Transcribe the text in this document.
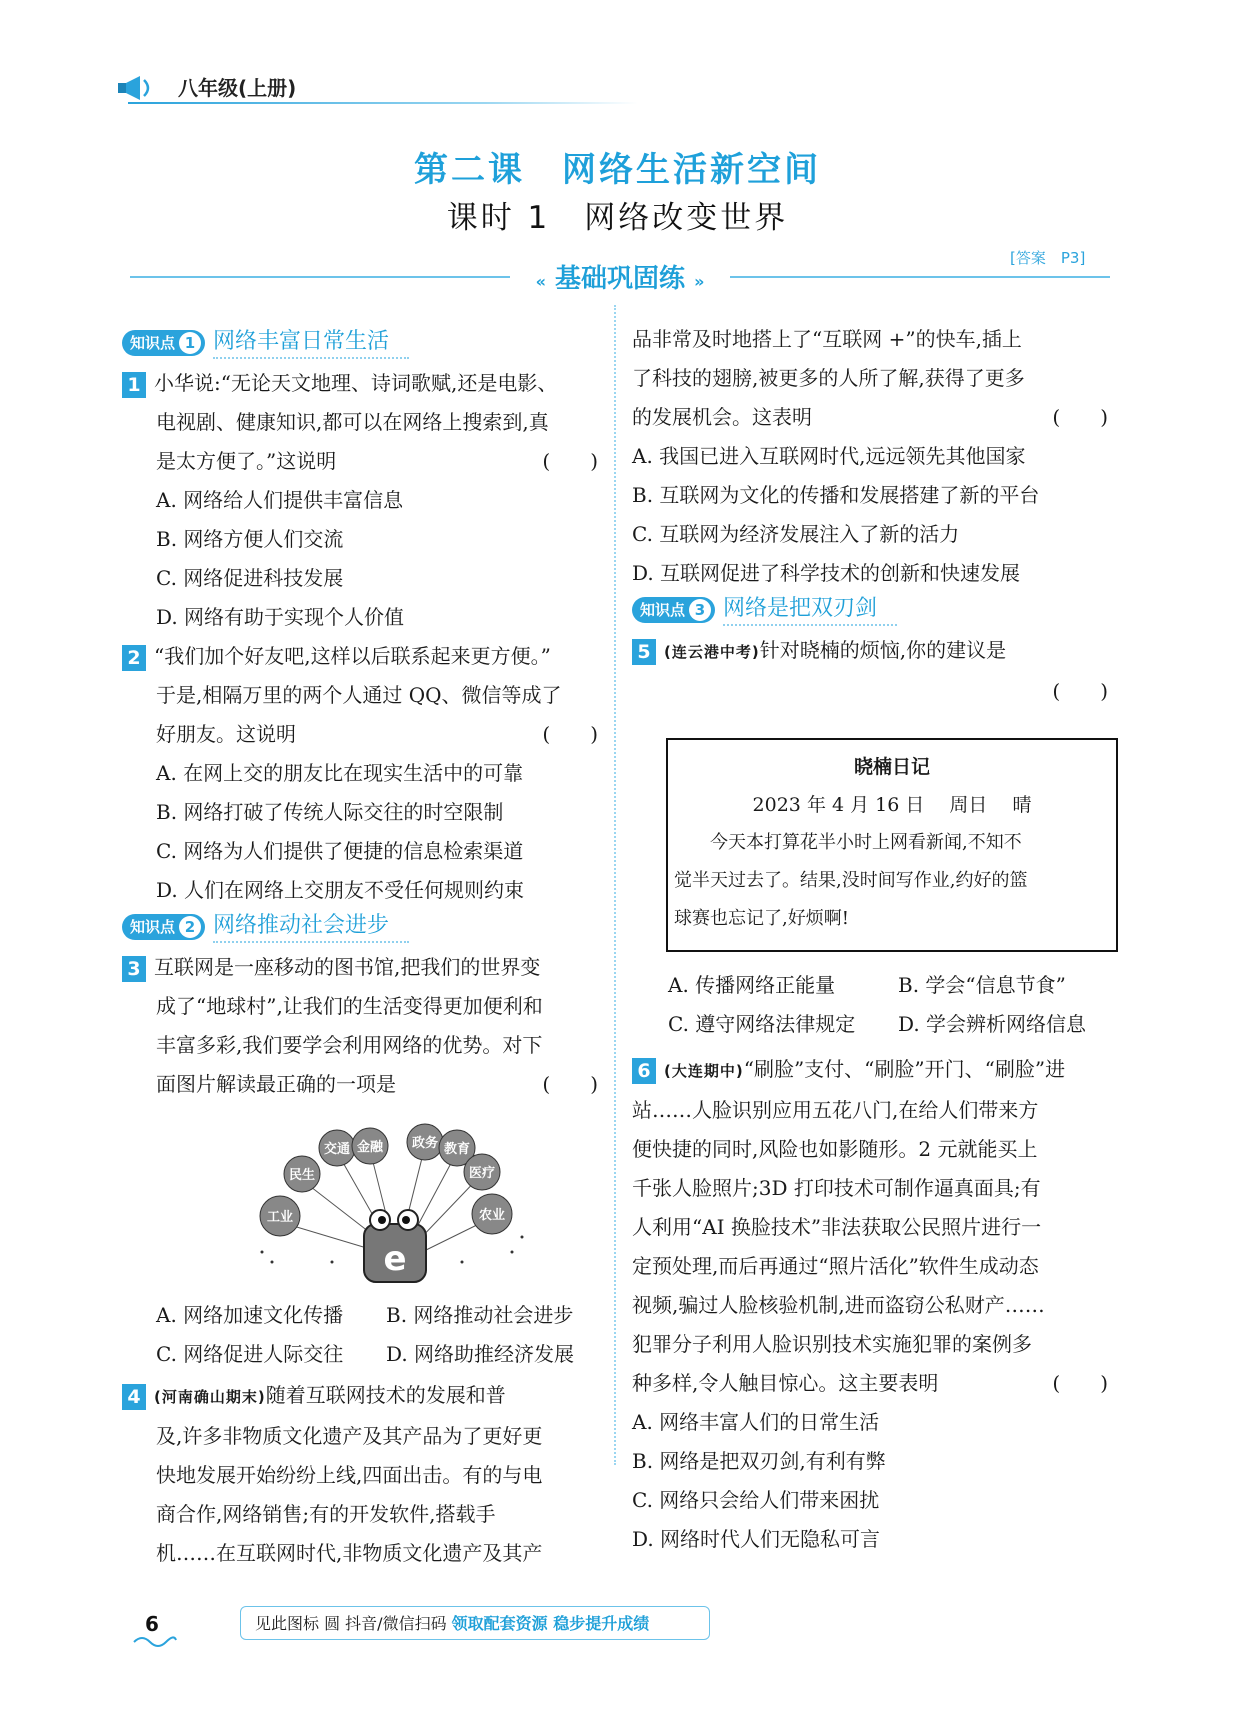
八年级(上册)
第二课　网络生活新空间
课时 1　网络改变世界
« 基础巩固练 »
[答案　P3]
知识点 1 网络丰富日常生活
1 小华说:“无论天文地理、诗词歌赋,还是电影、
电视剧、健康知识,都可以在网络上搜索到,真
是太方便了。”这说明	(　　)
A. 网络给人们提供丰富信息
B. 网络方便人们交流
C. 网络促进科技发展
D. 网络有助于实现个人价值
2 “我们加个好友吧,这样以后联系起来更方便。”
于是,相隔万里的两个人通过 QQ、微信等成了
好朋友。这说明	(　　)
A. 在网上交的朋友比在现实生活中的可靠
B. 网络打破了传统人际交往的时空限制
C. 网络为人们提供了便捷的信息检索渠道
D. 人们在网络上交朋友不受任何规则约束
知识点 2 网络推动社会进步
3 互联网是一座移动的图书馆,把我们的世界变
成了“地球村”,让我们的生活变得更加便利和
丰富多彩,我们要学会利用网络的优势。对下
面图片解读最正确的一项是	(　　)
交通 金融 政务 教育
民生	医疗
工业	农业
e
A. 网络加速文化传播	B. 网络推动社会进步
C. 网络促进人际交往	D. 网络助推经济发展
4 (河南确山期末)随着互联网技术的发展和普
及,许多非物质文化遗产及其产品为了更好更
快地发展开始纷纷上线,四面出击。有的与电
商合作,网络销售;有的开发软件,搭载手
机……在互联网时代,非物质文化遗产及其产
品非常及时地搭上了“互联网 +”的快车,插上
了科技的翅膀,被更多的人所了解,获得了更多
的发展机会。这表明	(　　)
A. 我国已进入互联网时代,远远领先其他国家
B. 互联网为文化的传播和发展搭建了新的平台
C. 互联网为经济发展注入了新的活力
D. 互联网促进了科学技术的创新和快速发展
知识点 3 网络是把双刃剑
5 (连云港中考)针对晓楠的烦恼,你的建议是
(　　)
晓楠日记
2023 年 4 月 16 日　 周日　 晴
　　今天本打算花半小时上网看新闻,不知不
觉半天过去了。结果,没时间写作业,约好的篮
球赛也忘记了,好烦啊!
A. 传播网络正能量	B. 学会“信息节食”
C. 遵守网络法律规定	D. 学会辨析网络信息
6 (大连期中)“刷脸”支付、“刷脸”开门、“刷脸”进
站……人脸识别应用五花八门,在给人们带来方
便快捷的同时,风险也如影随形。2 元就能买上
千张人脸照片;3D 打印技术可制作逼真面具;有
人利用“AI 换脸技术”非法获取公民照片进行一
定预处理,而后再通过“照片活化”软件生成动态
视频,骗过人脸核验机制,进而盗窃公私财产……
犯罪分子利用人脸识别技术实施犯罪的案例多
种多样,令人触目惊心。这主要表明	(　　)
A. 网络丰富人们的日常生活
B. 网络是把双刃剑,有利有弊
C. 网络只会给人们带来困扰
D. 网络时代人们无隐私可言
6	见此图标 圆 抖音/微信扫码 领取配套资源 稳步提升成绩
